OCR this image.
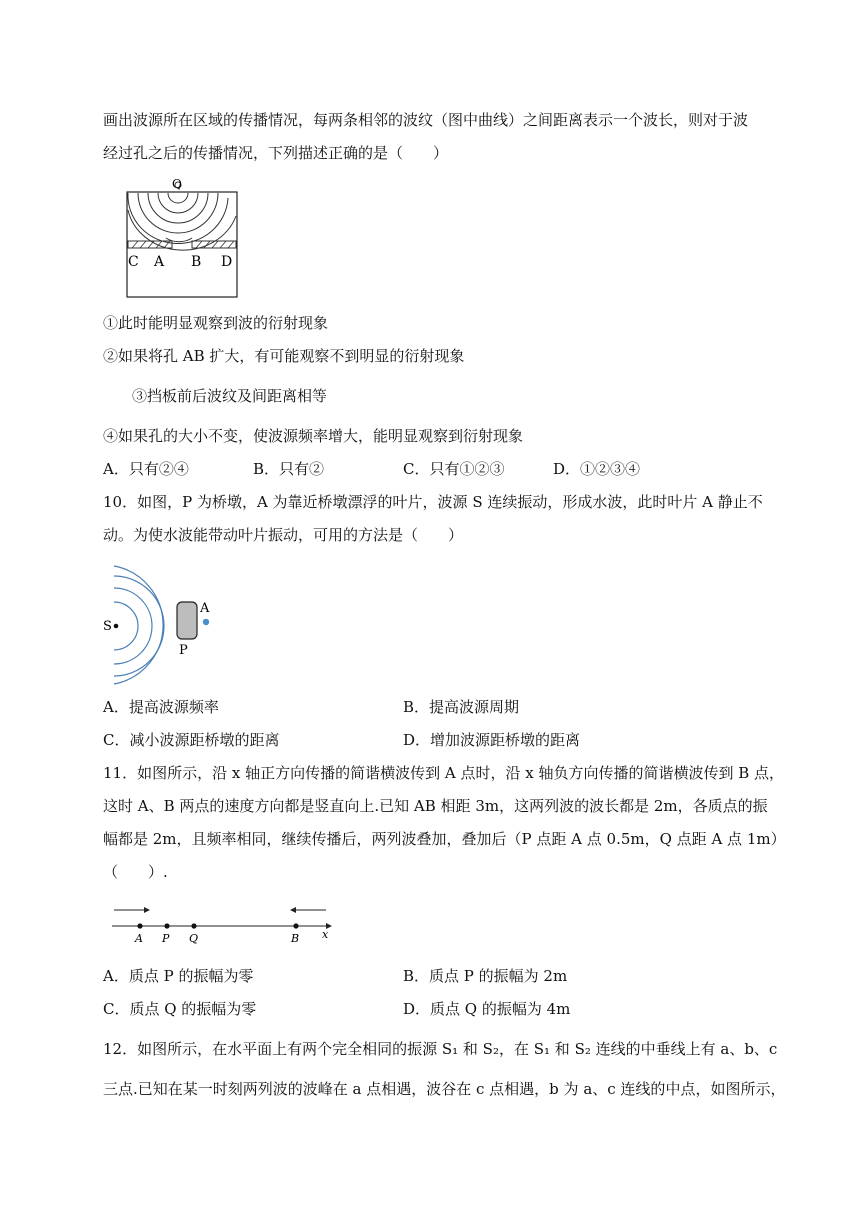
画出波源所在区域的传播情况，每两条相邻的波纹（图中曲线）之间距离表示一个波长，则对于波
经过孔之后的传播情况，下列描述正确的是（　　）
Q
C A B D
①此时能明显观察到波的衍射现象
②如果将孔 AB 扩大，有可能观察不到明显的衍射现象
③挡板前后波纹及间距离相等
④如果孔的大小不变，使波源频率增大，能明显观察到衍射现象
A．只有②④	B．只有②	C．只有①②③	D．①②③④
10．如图，P 为桥墩，A 为靠近桥墩漂浮的叶片，波源 S 连续振动，形成水波，此时叶片 A 静止不
动。为使水波能带动叶片振动，可用的方法是（　　）
S
P
A
A．提高波源频率	B．提高波源周期
C．减小波源距桥墩的距离	D．增加波源距桥墩的距离
11．如图所示，沿 x 轴正方向传播的简谐横波传到 A 点时，沿 x 轴负方向传播的简谐横波传到 B 点，
这时 A、B 两点的速度方向都是竖直向上.已知 AB 相距 3m，这两列波的波长都是 2m，各质点的振
幅都是 2m，且频率相同，继续传播后，两列波叠加，叠加后（P 点距 A 点 0.5m，Q 点距 A 点 1m）
（　　）.
A P Q	B x
A．质点 P 的振幅为零	B．质点 P 的振幅为 2m
C．质点 Q 的振幅为零	D．质点 Q 的振幅为 4m
12．如图所示，在水平面上有两个完全相同的振源 S₁ 和 S₂，在 S₁ 和 S₂ 连线的中垂线上有 a、b、c
三点.已知在某一时刻两列波的波峰在 a 点相遇，波谷在 c 点相遇，b 为 a、c 连线的中点，如图所示，
